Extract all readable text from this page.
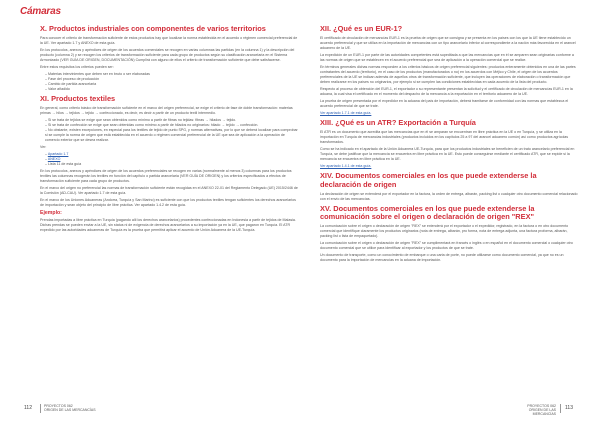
Cámaras
X. Productos industriales con componentes de varios territorios

Para conocer el criterio de transformación suficiente de estos productos hay que localizar la norma establecida en el acuerdo o régimen comercial preferencial de la UE. Ver apartado 1.7 y ANEXO de esta guía.

En los protocolos, anexos y apéndices de origen de los acuerdos comerciales se recogen en varias columnas las partidas (en la columna 1) y la descripción del producto (columna 2) y se recogen los criterios de transformación suficiente para cada grupo de productos según su clasificación arancelaria en el Sistema Armonizado (VER GUÍA DE ORIGEN, DOCUMENTACIÓN) Cumplirá con alguno de ellos el criterio de transformación suficiente que debe satisfacerse.

Entre estos requisitos los criterios pueden ser:

– Materias intervinientes que deben ser en bruto o ser elaboradas
– Fase del proceso de producción
– Cambio de partida arancelaria
– Valor añadido
XI. Productos textiles

En general, como criterio básico de transformación suficiente en el marco del origen preferencial, se exige el criterio de fase de doble transformación: materias primas → hilos → tejidos → tejido → confeccionado, es decir, es decir a partir de un producto textil intermedio.

– Si se trata de tejidos se exige que sean obtenidos como mínimo a partir de fibras no tejidas: fibras → hilados → tejido.
– Si se trata de confección se exige que sean obtenidas como mínimo a partir de hilados no originarios: hilado → tejido → confección.
– No obstante, existen excepciones, en especial para los textiles de tejido de punto SPG, y normas alternativas, por lo que se deberá localizar para comprobar si se cumple la norma de origen que está establecida en el acuerdo o régimen comercial preferencial de la UE que sea de aplicación a la operación de comercio exterior que se desea realizar.

Ver:

– Apartado 1.7
– ANEXO
– Lista 11 de esta guía

En los protocolos, anexos y apéndices de origen de los acuerdos preferenciales se recogen en varias (normalmente al menos 3) columnas para los productos textiles las columnas recogerán los textiles en función del capítulo o partida arancelaria (VER GUÍA DE ORIGEN) y los criterios especificados a efectos de transformación suficiente para cada grupo de productos.

En el marco del origen no preferencial las normas de transformación suficiente están recogidas en el ANEXO 22-01 del Reglamento Delegado (UE) 2015/2446 de la Comisión (AD-CAU). Ver apartado 1.7 de esta guía.

En el marco de los Uniones Aduaneras (Andorra, Turquía y San Marino) es suficiente con que los productos textiles tengan suficientes los derechos arancelarios de importación y sean objeto del principio de libre práctica. Ver apartado 1.4.2 de esta guía.

Ejemplo:

Prendas importadas a libre práctica en Turquía (pagando allí los derechos arancelarios) procedentes confeccionadas en Indonesia a partir de tejidos de Malasia. Dichas prendas se pueden enviar a la UE, sin status ni de exigencia de derechos arancelarios a su importación ya en la UE, que pagaron en Turquía. El ATR expedido por las autoridades aduaneras de Turquía es la prueba que permitirá aplicar el acuerdo de Unión Aduanera de la UE-Turquía.

XII. ¿Qué es un EUR-1?

El certificado de circulación de mercancías EUR-1 es la prueba de origen que se consigna y se presenta en los países con los que la UE tiene establecido un acuerdo preferencial y que se utiliza en la importación de mercancías con un tipo arancelario inferior al correspondiente a la nación más favorecida en el arancel aduanero de la UE.

La expedición de un EUR-1 por parte de las autoridades competentes está supeditada a que las mercancías que en él se amparen sean originarias conforme a las normas de origen que se establecen en el acuerdo preferencial que sea de aplicación a la operación comercial que se realice.

En términos generales dichas normas responden a los criterios básicos de origen preferencial siguientes: productos enteramente obtenidos en una de las partes contratantes del acuerdo (territorio), en el caso de los productos (manufacturados o no) en los acuerdos con Méjico y Chile, el origen de los acuerdos preferenciales de la UE se indican además de aquellos otros de transformación suficiente, que incluyen las operaciones de elaboración o transformación que deben realizarse en los países no originarios, por ejemplo si se cumplen las condiciones establecidas en cada acuerdo de la lista del producto.

Respecto al proceso de obtención del EUR-1, el exportador o su representante presentan la solicitud y el certificado de circulación de mercancías EUR-1 en la aduana, la cual visa el certificado en el momento del despacho de la mercancía a la exportación en el territorio aduanero de la UE.

La prueba de origen presentada por el expedidor en la aduana del país de importación, deberá tramitarse de conformidad con las normas que establezca el acuerdo preferencial de que se trate.

Ver apartado 1.7.1 de esta guía.

XIII. ¿Qué es un ATR? Exportación a Turquía

El ATR es un documento que acredita que las mercancías que en él se amparan se encuentran en libre práctica en la UE o en Turquía, y se utiliza en la importación en Turquía de mercancías industriales (productos incluidos en los capítulos 25 a 97 del arancel aduanero común) así como productos agrícolas transformados.

Como se ha indicado en el apartado de la Unión Aduanera UE-Turquía, para que los productos industriales se beneficien de un trato arancelario preferencial en Turquía, se debe justificar que la mercancía se encuentra en libre práctica en la UE. Esto puede conseguirse mediante el certificado ATR, que se expide si la mercancía se encuentra en libre práctica en la UE.

Ver apartado 1.4.1 de esta guía.

XIV. Documentos comerciales en los que puede extenderse la declaración de origen

La declaración de origen se extenderá por el exportador en la factura, la orden de entrega, albarán, packing list o cualquier otro documento comercial relacionado con el envío de las mercancías.

XV. Documentos comerciales en los que puede extenderse la comunicación sobre el origen o declaración de origen "REX"

La comunicación sobre el origen o declaración de origen "REX" se extenderá por el exportador o el expedidor, registrado, en la factura o en otro documento comercial que identifique claramente los productos originarios (nota de entrega, albarán, pro forma, nota de entrega adjunta, una factura proforma, albarán, packing list o lista de empaquetado).

La comunicación sobre el origen o declaración de origen "REX" se cumplimentará en francés o inglés o en español en el documento comercial o cualquier otro documento comercial que se utilice para identificar al exportador y los productos de que se trate.

Un documento de transporte, como un conocimiento de embarque o una carta de porte, no puede utilizarse como documento comercial, ya que no es un documento para la importación de mercancías en la aduana de importación.

112	PROYECTOS 062
ORIGEN DE LAS MERCANCÍAS
PROYECTOS 062
ORIGEN DE LAS MERCANCÍAS
113
